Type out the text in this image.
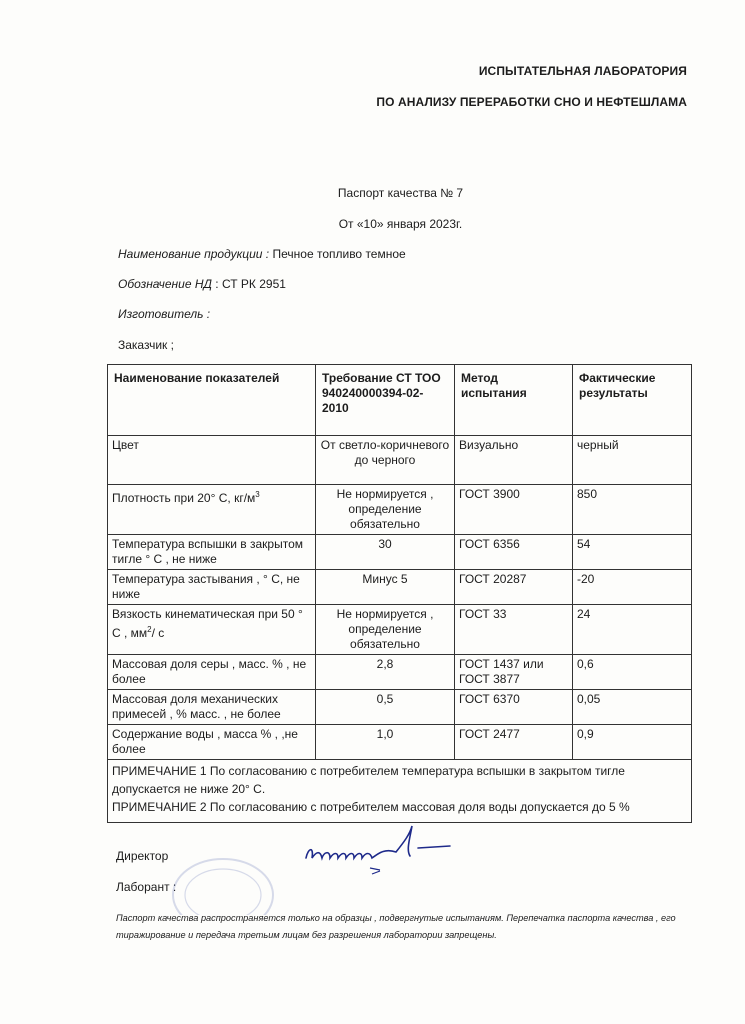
ИСПЫТАТЕЛЬНАЯ ЛАБОРАТОРИЯ
ПО АНАЛИЗУ ПЕРЕРАБОТКИ СНО И НЕФТЕШЛАМА
Паспорт качества № 7
От «10» января 2023г.
Наименование продукции : Печное топливо темное
Обозначение НД : СТ РК 2951
Изготовитель :
Заказчик ;
Наименование показателей	Требование СТ ТОО 940240000394-02-2010	Метод испытания	Фактические результаты
Цвет	От светло-коричневого до черного	Визуально	черный
Плотность при 20° С, $кг/м^3$	Не нормируется , определение обязательно	ГОСТ 3900	850
Температура вспышки в закрытом тигле ° С , не ниже	30	ГОСТ 6356	54
Температура застывания , ° С, не ниже	Минус 5	ГОСТ 20287	-20
Вязкость кинематическая при 50 ° С , $мм^2/$ с	Не нормируется , определение обязательно	ГОСТ 33	24
Массовая доля серы , масс. % , не более	2,8	ГОСТ 1437 или ГОСТ 3877	0,6
Массовая доля механических примесей , % масс. , не более	0,5	ГОСТ 6370	0,05
Содержание воды , масса % , ,не более	1,0	ГОСТ 2477	0,9

ПРИМЕЧАНИЕ 1 По согласованию с потребителем температура вспышки в закрытом тигле допускается не ниже 20° С.
ПРИМЕЧАНИЕ 2 По согласованию с потребителем массовая доля воды допускается до 5 %			
Директор
Лаборант :
Паспорт качества распространяется только на образцы , подвергнутые испытаниям. Перепечатка паспорта качества , его тиражирование и передача третьим лицам без разрешения лаборатории запрещены.
